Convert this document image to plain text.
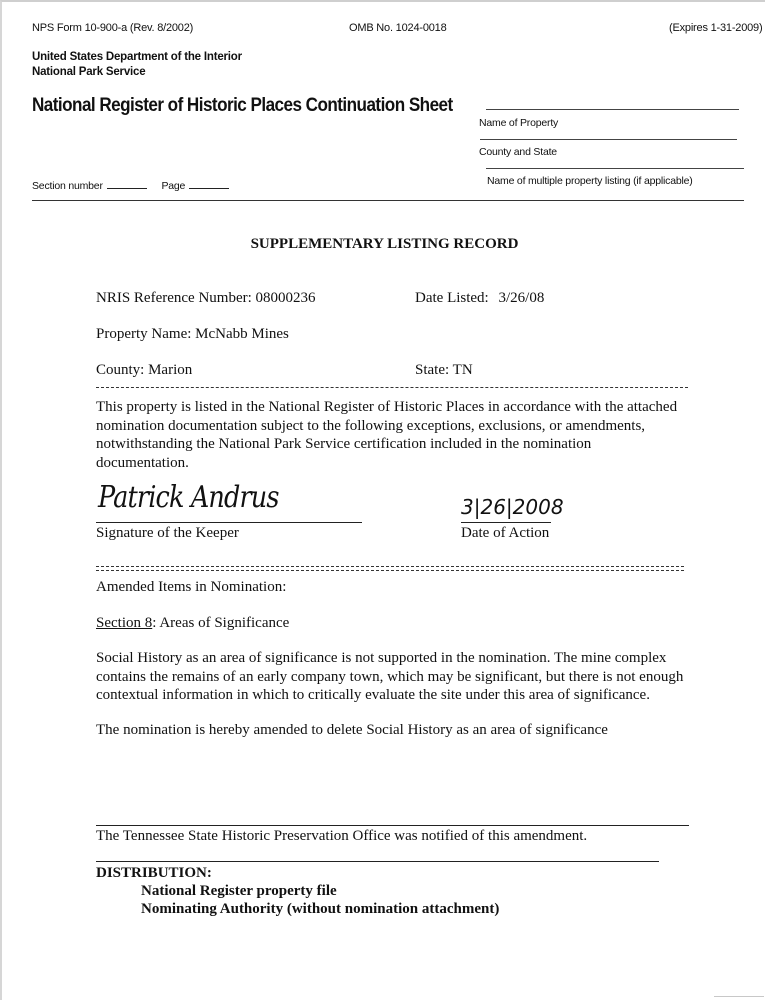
NPS Form 10-900-a (Rev. 8/2002)	OMB No. 1024-0018	(Expires 1-31-2009)
United States Department of the Interior
National Park Service
National Register of Historic Places Continuation Sheet
Name of Property
County and State
Name of multiple property listing (if applicable)
Section number	Page
SUPPLEMENTARY LISTING RECORD
NRIS Reference Number: 08000236	Date Listed: 3/26/08
Property Name: McNabb Mines
County: Marion	State: TN
This property is listed in the National Register of Historic Places in accordance with the attached
nomination documentation subject to the following exceptions, exclusions, or amendments,
notwithstanding the National Park Service certification included in the nomination
documentation.
Patrick Andrus
Signature of the Keeper
3|26|2008
Date of Action
Amended Items in Nomination:
Section 8: Areas of Significance
Social History as an area of significance is not supported in the nomination. The mine complex
contains the remains of an early company town, which may be significant, but there is not enough
contextual information in which to critically evaluate the site under this area of significance.
The nomination is hereby amended to delete Social History as an area of significance
The Tennessee State Historic Preservation Office was notified of this amendment.
DISTRIBUTION:
National Register property file
Nominating Authority (without nomination attachment)
